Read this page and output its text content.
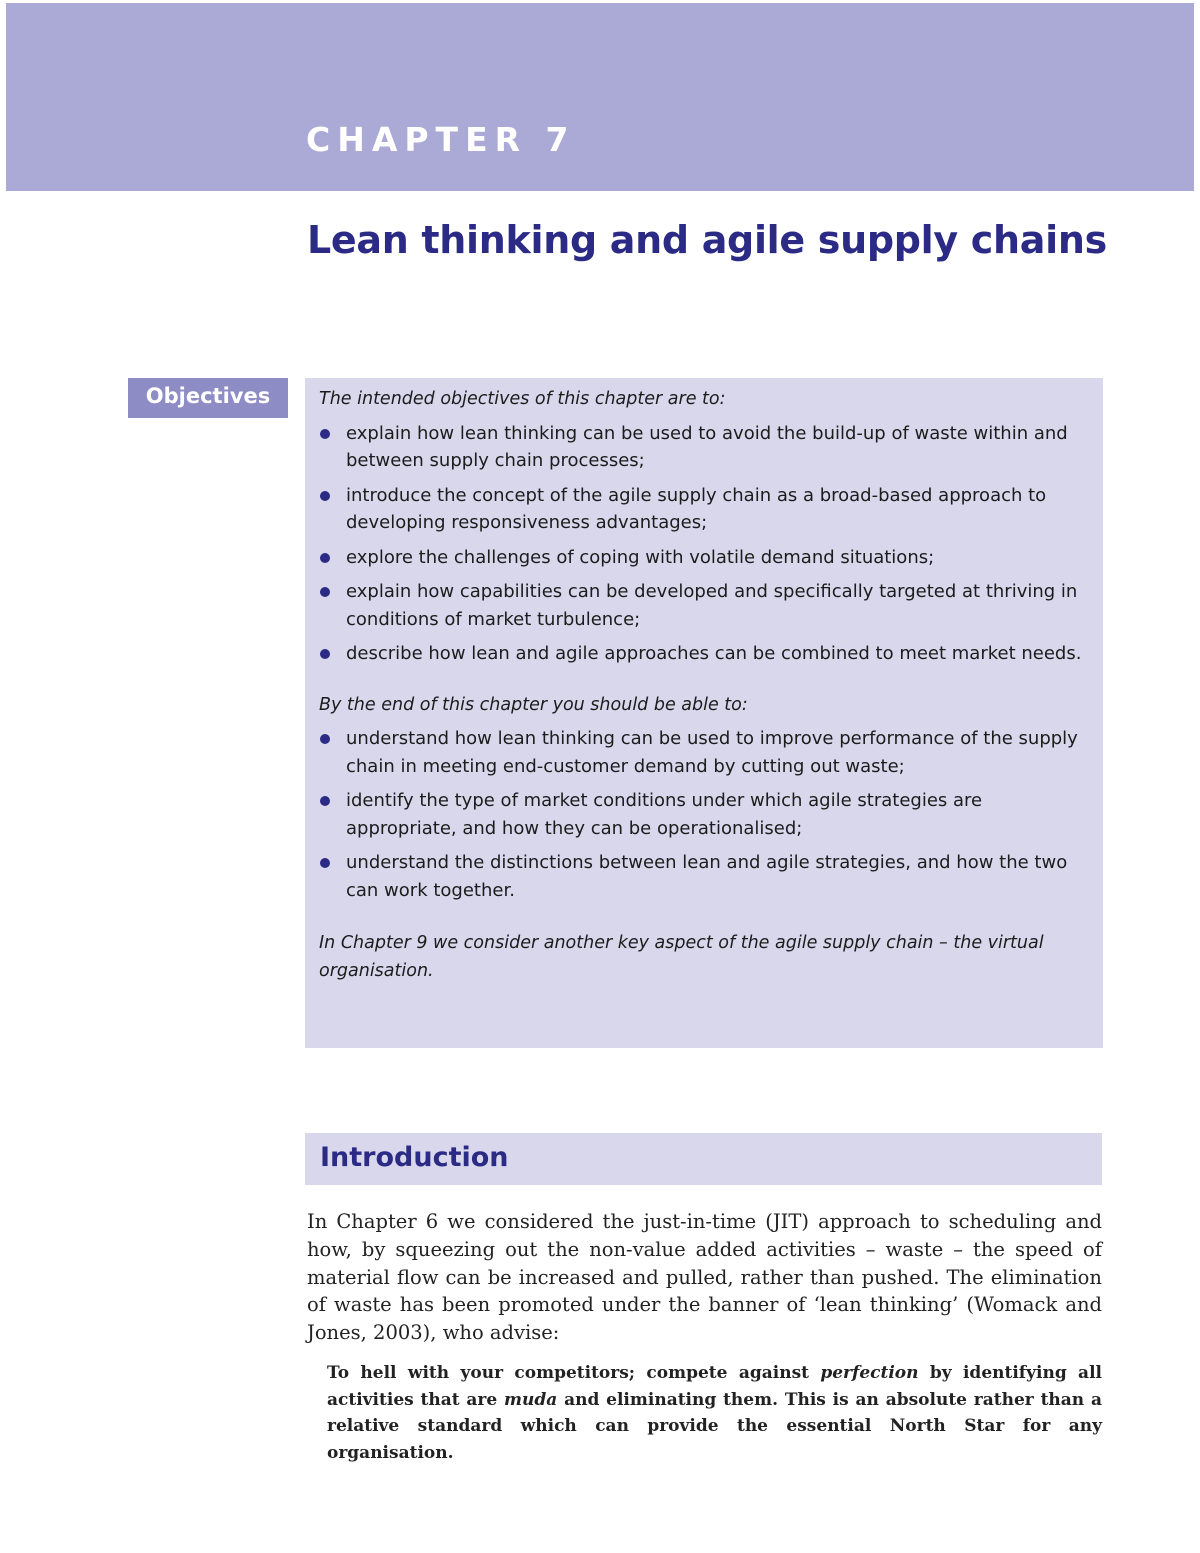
CHAPTER 7
Lean thinking and agile supply chains
Objectives	The intended objectives of this chapter are to:

explain how lean thinking can be used to avoid the build-up of waste within and between supply chain processes;
introduce the concept of the agile supply chain as a broad-based approach to developing responsiveness advantages;
explore the challenges of coping with volatile demand situations;
explain how capabilities can be developed and specifically targeted at thriving in conditions of market turbulence;
describe how lean and agile approaches can be combined to meet market needs.

By the end of this chapter you should be able to:

understand how lean thinking can be used to improve performance of the supply chain in meeting end-customer demand by cutting out waste;
identify the type of market conditions under which agile strategies are appropriate, and how they can be operationalised;
understand the distinctions between lean and agile strategies, and how the two can work together.

In Chapter 9 we consider another key aspect of the agile supply chain – the virtual organisation.

Introduction

In Chapter 6 we considered the just-in-time (JIT) approach to scheduling and how, by squeezing out the non-value added activities – waste – the speed of material flow can be increased and pulled, rather than pushed. The elimination of waste has been promoted under the banner of ‘lean thinking’ (Womack and Jones, 2003), who advise:

To hell with your competitors; compete against perfection by identifying all activities that are muda and eliminating them. This is an absolute rather than a relative standard which can provide the essential North Star for any organisation.
